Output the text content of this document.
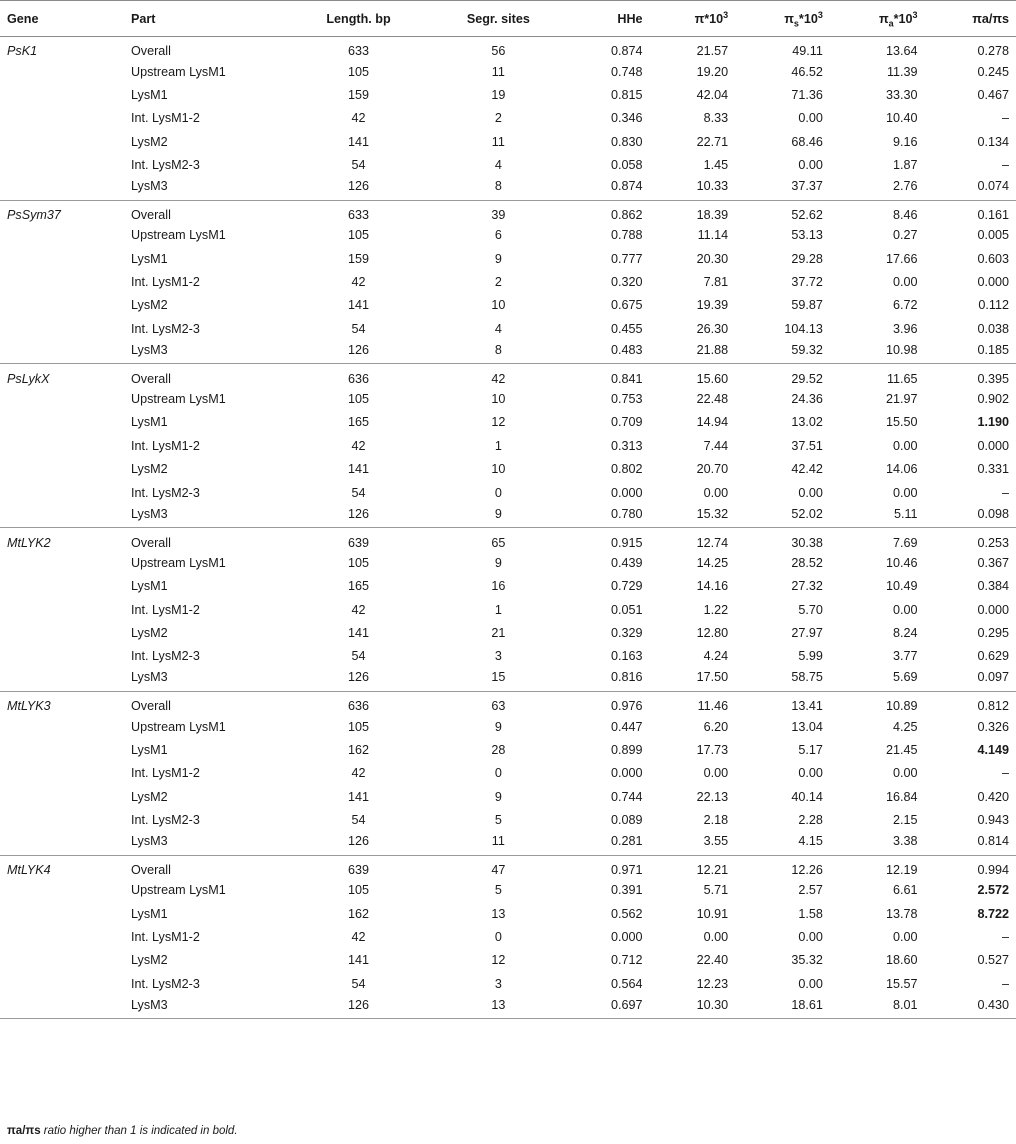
Gene	Part	Length. bp	Segr. sites	HHe	$\pi*10^3$	$\pi_s*10^3$	$\pi_a*10^3$	πa/πs
PsK1	Overall	633	56	0.874	21.57	49.11	13.64	0.278
	Upstream LysM1	105	11	0.748	19.20	46.52	11.39	0.245
	LysM1	159	19	0.815	42.04	71.36	33.30	0.467
	Int. LysM1-2	42	2	0.346	8.33	0.00	10.40	–
	LysM2	141	11	0.830	22.71	68.46	9.16	0.134
	Int. LysM2-3	54	4	0.058	1.45	0.00	1.87	–
	LysM3	126	8	0.874	10.33	37.37	2.76	0.074
PsSym37	Overall	633	39	0.862	18.39	52.62	8.46	0.161
	Upstream LysM1	105	6	0.788	11.14	53.13	0.27	0.005
	LysM1	159	9	0.777	20.30	29.28	17.66	0.603
	Int. LysM1-2	42	2	0.320	7.81	37.72	0.00	0.000
	LysM2	141	10	0.675	19.39	59.87	6.72	0.112
	Int. LysM2-3	54	4	0.455	26.30	104.13	3.96	0.038
	LysM3	126	8	0.483	21.88	59.32	10.98	0.185
PsLykX	Overall	636	42	0.841	15.60	29.52	11.65	0.395
	Upstream LysM1	105	10	0.753	22.48	24.36	21.97	0.902
	LysM1	165	12	0.709	14.94	13.02	15.50	1.190
	Int. LysM1-2	42	1	0.313	7.44	37.51	0.00	0.000
	LysM2	141	10	0.802	20.70	42.42	14.06	0.331
	Int. LysM2-3	54	0	0.000	0.00	0.00	0.00	–
	LysM3	126	9	0.780	15.32	52.02	5.11	0.098
MtLYK2	Overall	639	65	0.915	12.74	30.38	7.69	0.253
	Upstream LysM1	105	9	0.439	14.25	28.52	10.46	0.367
	LysM1	165	16	0.729	14.16	27.32	10.49	0.384
	Int. LysM1-2	42	1	0.051	1.22	5.70	0.00	0.000
	LysM2	141	21	0.329	12.80	27.97	8.24	0.295
	Int. LysM2-3	54	3	0.163	4.24	5.99	3.77	0.629
	LysM3	126	15	0.816	17.50	58.75	5.69	0.097
MtLYK3	Overall	636	63	0.976	11.46	13.41	10.89	0.812
	Upstream LysM1	105	9	0.447	6.20	13.04	4.25	0.326
	LysM1	162	28	0.899	17.73	5.17	21.45	4.149
	Int. LysM1-2	42	0	0.000	0.00	0.00	0.00	–
	LysM2	141	9	0.744	22.13	40.14	16.84	0.420
	Int. LysM2-3	54	5	0.089	2.18	2.28	2.15	0.943
	LysM3	126	11	0.281	3.55	4.15	3.38	0.814
MtLYK4	Overall	639	47	0.971	12.21	12.26	12.19	0.994
	Upstream LysM1	105	5	0.391	5.71	2.57	6.61	2.572
	LysM1	162	13	0.562	10.91	1.58	13.78	8.722
	Int. LysM1-2	42	0	0.000	0.00	0.00	0.00	–
	LysM2	141	12	0.712	22.40	35.32	18.60	0.527
	Int. LysM2-3	54	3	0.564	12.23	0.00	15.57	–
	LysM3	126	13	0.697	10.30	18.61	8.01	0.430
πa/πs ratio higher than 1 is indicated in bold.
